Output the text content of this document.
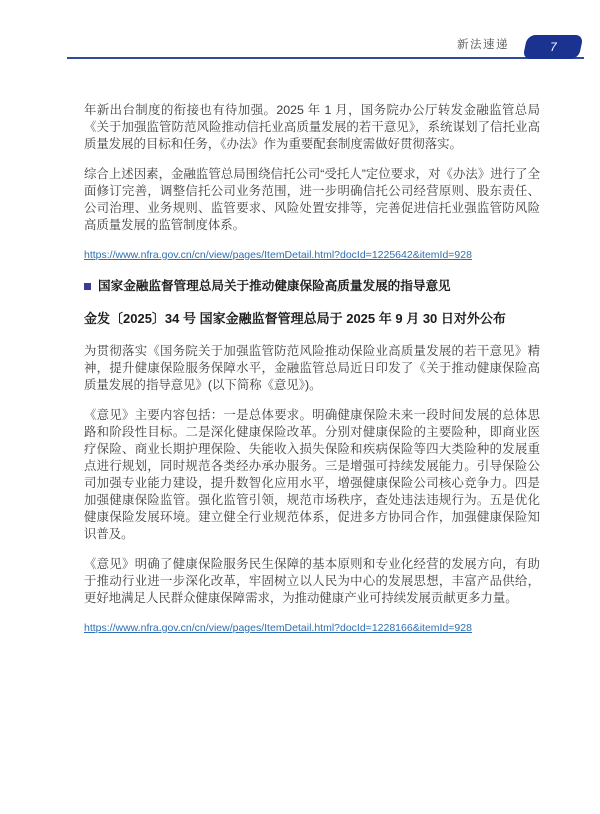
新法速递	7

年新出台制度的衔接也有待加强。2025 年 1 月，国务院办公厅转发金融监管总局《关于加强监管防范风险推动信托业高质量发展的若干意见》，系统谋划了信托业高质量发展的目标和任务，《办法》作为重要配套制度需做好贯彻落实。

综合上述因素，金融监管总局围绕信托公司“受托人”定位要求，对《办法》进行了全面修订完善，调整信托公司业务范围，进一步明确信托公司经营原则、股东责任、公司治理、业务规则、监管要求、风险处置安排等，完善促进信托业强监管防风险高质量发展的监管制度体系。

https://www.nfra.gov.cn/cn/view/pages/ItemDetail.html?docId=1225642&itemId=928

国家金融监督管理总局关于推动健康保险高质量发展的指导意见

金发〔2025〕34 号 国家金融监督管理总局于 2025 年 9 月 30 日对外公布

为贯彻落实《国务院关于加强监管防范风险推动保险业高质量发展的若干意见》精神，提升健康保险服务保障水平，金融监管总局近日印发了《关于推动健康保险高质量发展的指导意见》(以下简称《意见》)。

《意见》主要内容包括：一是总体要求。明确健康保险未来一段时间发展的总体思路和阶段性目标。二是深化健康保险改革。分别对健康保险的主要险种，即商业医疗保险、商业长期护理保险、失能收入损失保险和疾病保险等四大类险种的发展重点进行规划，同时规范各类经办承办服务。三是增强可持续发展能力。引导保险公司加强专业能力建设，提升数智化应用水平，增强健康保险公司核心竞争力。四是加强健康保险监管。强化监管引领，规范市场秩序，查处违法违规行为。五是优化健康保险发展环境。建立健全行业规范体系，促进多方协同合作，加强健康保险知识普及。

《意见》明确了健康保险服务民生保障的基本原则和专业化经营的发展方向，有助于推动行业进一步深化改革，牢固树立以人民为中心的发展思想，丰富产品供给，更好地满足人民群众健康保障需求，为推动健康产业可持续发展贡献更多力量。

https://www.nfra.gov.cn/cn/view/pages/ItemDetail.html?docId=1228166&itemId=928
